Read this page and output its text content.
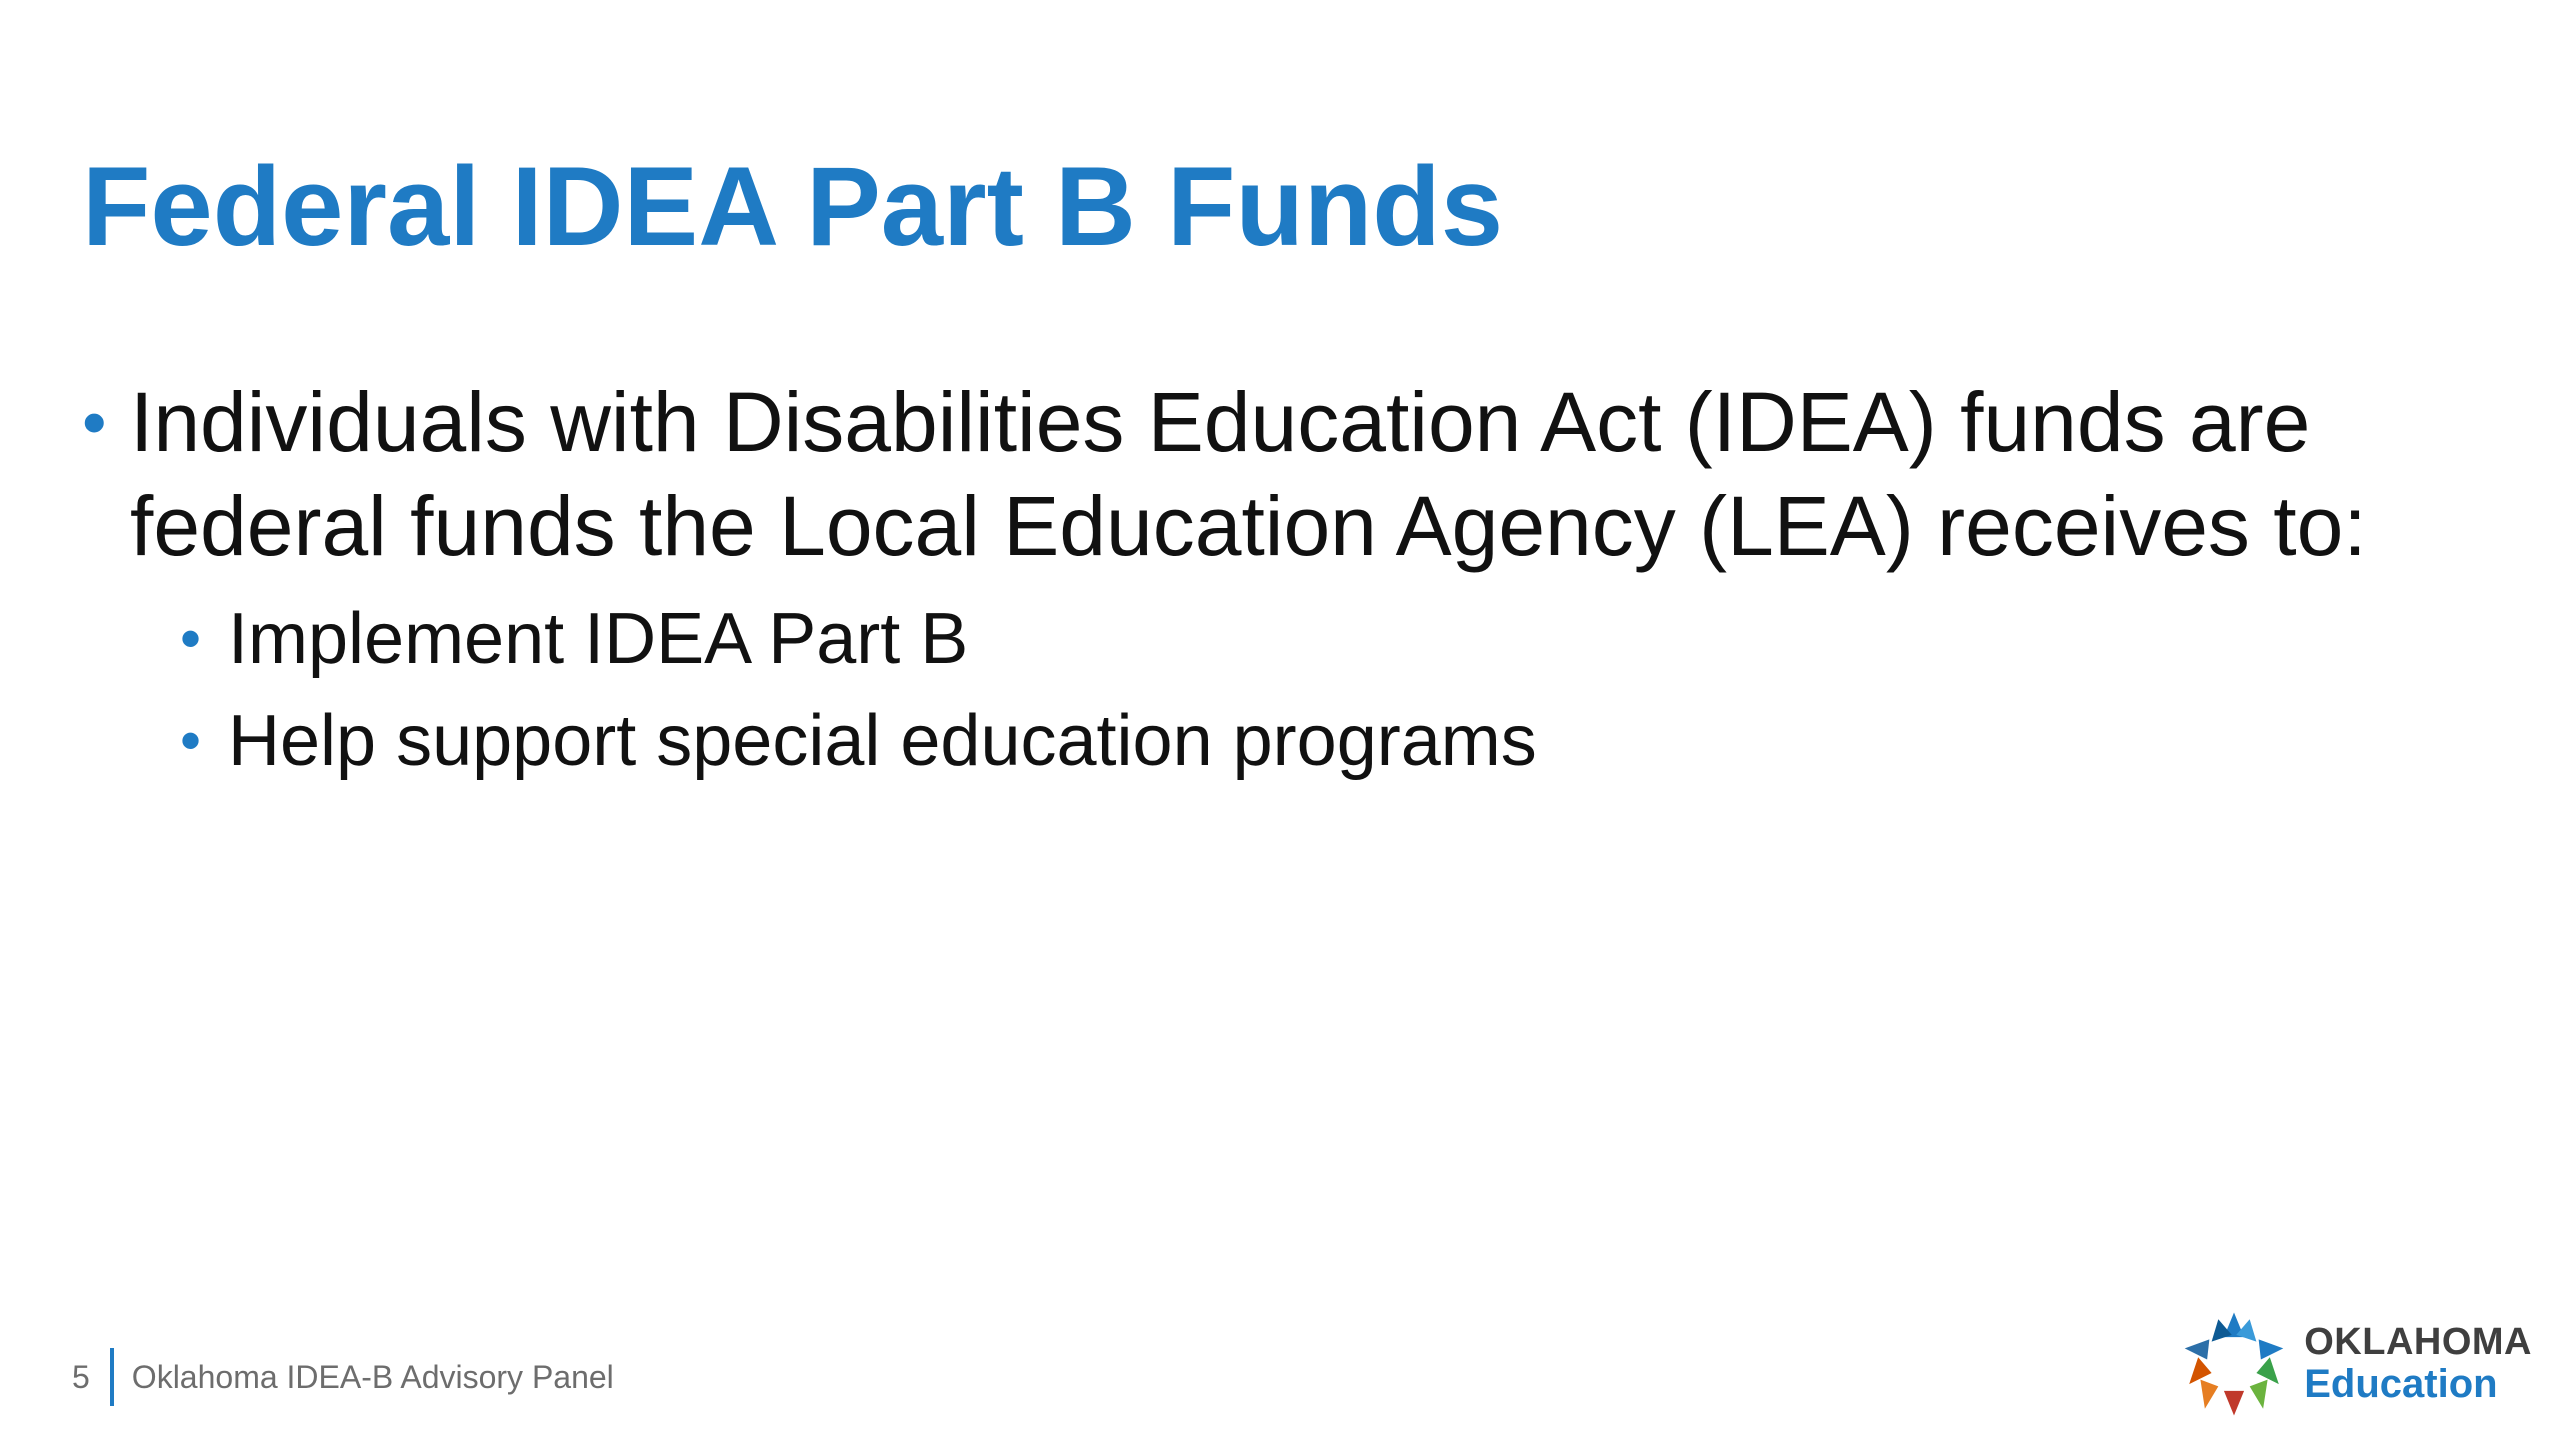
Federal IDEA Part B Funds
• Individuals with Disabilities Education Act (IDEA) funds are federal funds the Local Education Agency (LEA) receives to:
• Implement IDEA Part B
• Help support special education programs
5 Oklahoma IDEA-B Advisory Panel
OKLAHOMA
Education
